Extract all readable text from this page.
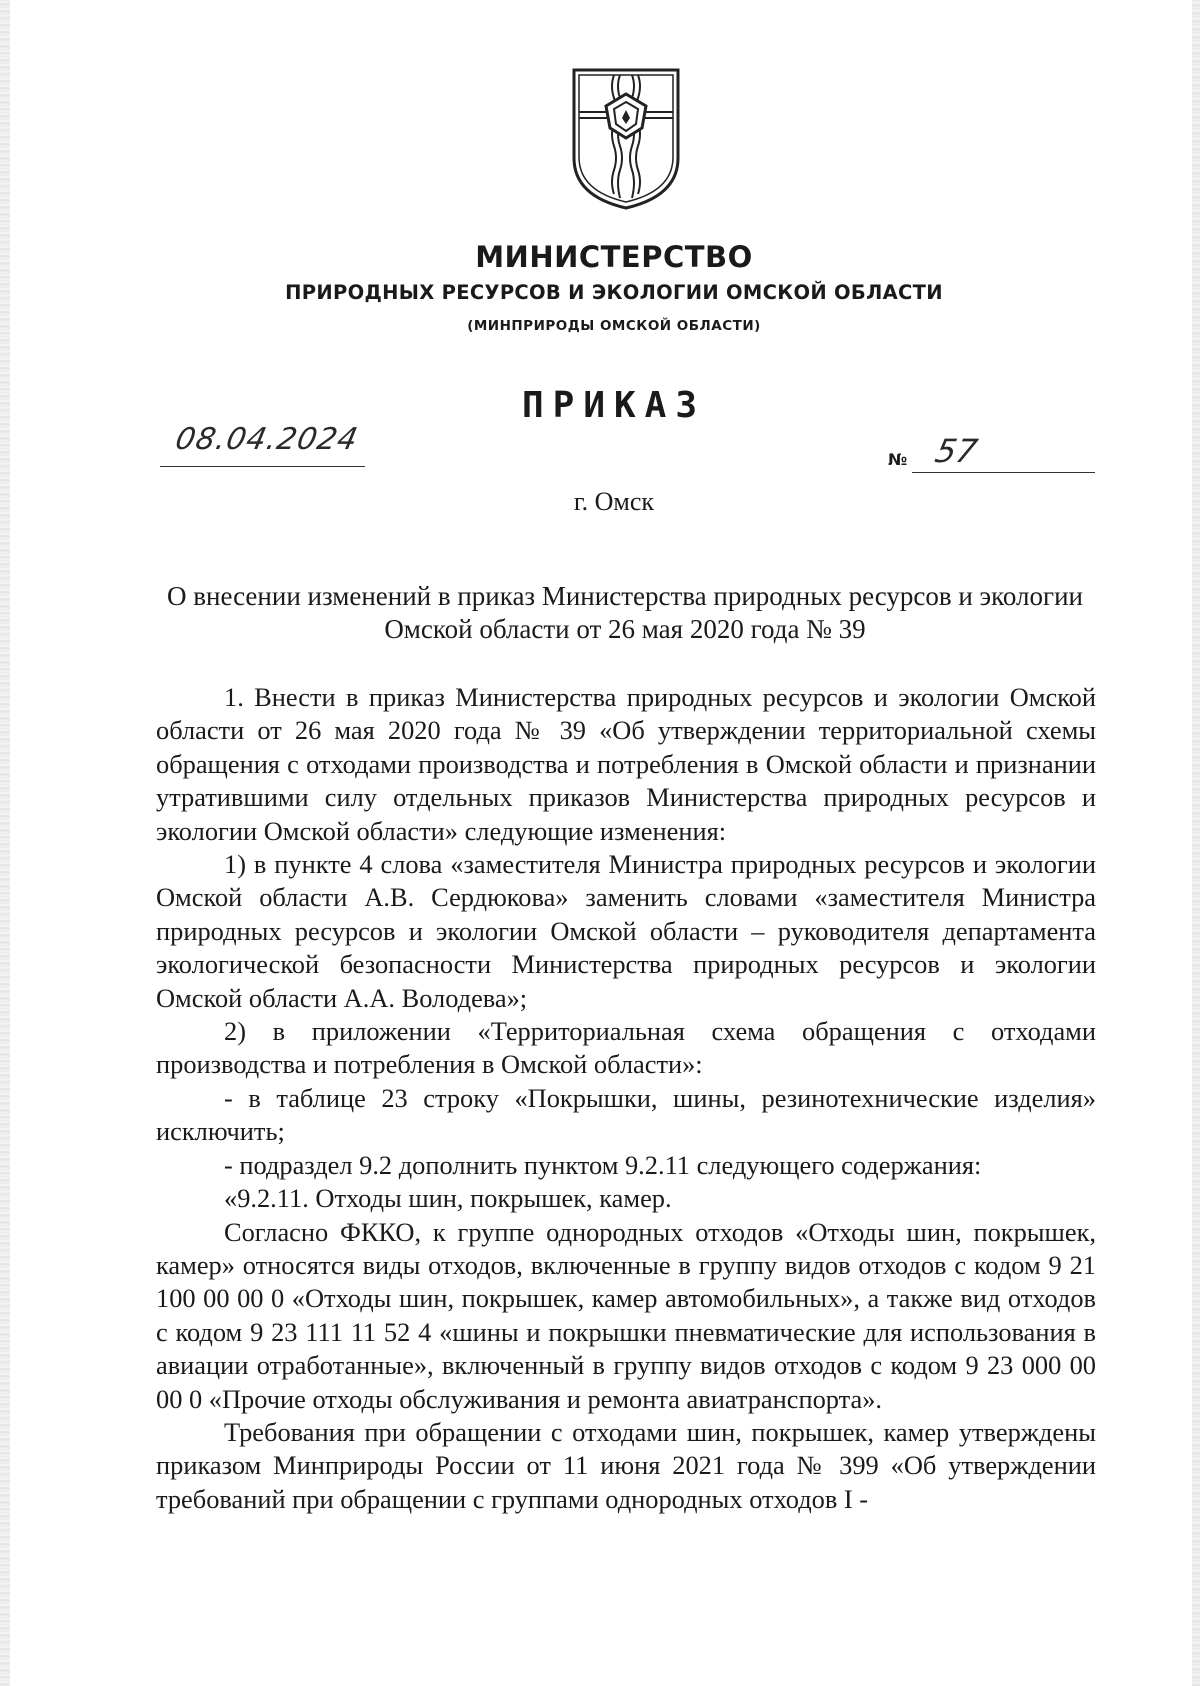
МИНИСТЕРСТВО
ПРИРОДНЫХ РЕСУРСОВ И ЭКОЛОГИИ ОМСКОЙ ОБЛАСТИ
(МИНПРИРОДЫ ОМСКОЙ ОБЛАСТИ)
ПРИКАЗ
08.04.2024
№ 57
г. Омск
О внесении изменений в приказ Министерства природных ресурсов и экологии Омской области от 26 мая 2020 года № 39

1. Внести в приказ Министерства природных ресурсов и экологии Омской области от 26 мая 2020 года № 39 «Об утверждении территориальной схемы обращения с отходами производства и потребления в Омской области и признании утратившими силу отдельных приказов Министерства природных ресурсов и экологии Омской области» следующие изменения:

1) в пункте 4 слова «заместителя Министра природных ресурсов и экологии Омской области А.В. Сердюкова» заменить словами «заместителя Министра природных ресурсов и экологии Омской области – руководителя департамента экологической безопасности Министерства природных ресурсов и экологии Омской области А.А. Володева»;

2) в приложении «Территориальная схема обращения с отходами производства и потребления в Омской области»:

- в таблице 23 строку «Покрышки, шины, резинотехнические изделия» исключить;

- подраздел 9.2 дополнить пунктом 9.2.11 следующего содержания:

«9.2.11. Отходы шин, покрышек, камер.

Согласно ФККО, к группе однородных отходов «Отходы шин, покрышек, камер» относятся виды отходов, включенные в группу видов отходов с кодом 9 21 100 00 00 0 «Отходы шин, покрышек, камер автомобильных», а также вид отходов с кодом 9 23 111 11 52 4 «шины и покрышки пневматические для использования в авиации отработанные», включенный в группу видов отходов с кодом 9 23 000 00 00 0 «Прочие отходы обслуживания и ремонта авиатранспорта».

Требования при обращении с отходами шин, покрышек, камер утверждены приказом Минприроды России от 11 июня 2021 года № 399 «Об утверждении требований при обращении с группами однородных отходов I -
